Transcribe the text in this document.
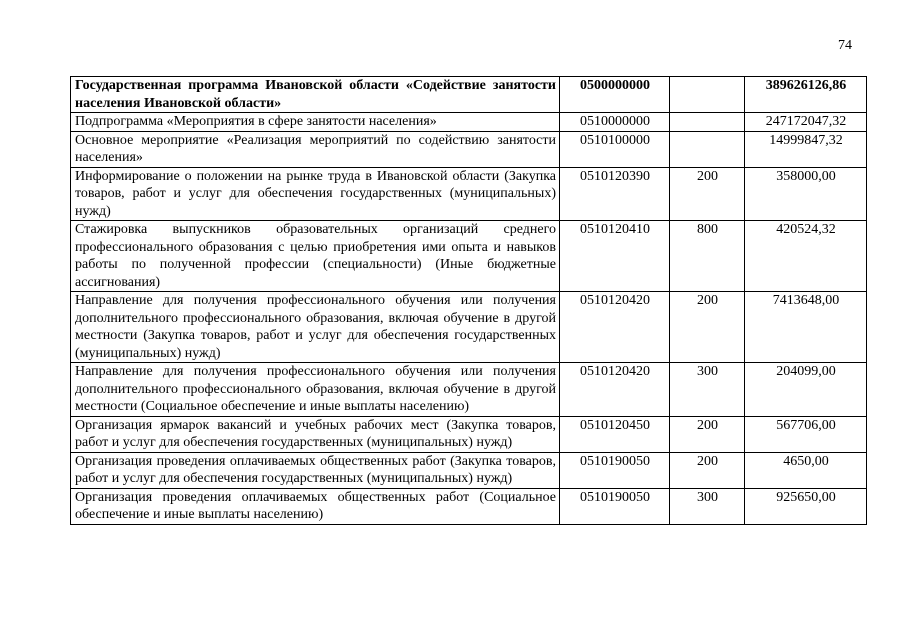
74
Государственная программа Ивановской области «Содействие занятости населения Ивановской области»	0500000000		389626126,86
Подпрограмма «Мероприятия в сфере занятости населения»	0510000000		247172047,32
Основное мероприятие «Реализация мероприятий по содействию занятости населения»	0510100000		14999847,32
Информирование о положении на рынке труда в Ивановской области (Закупка товаров, работ и услуг для обеспечения государственных (муниципальных) нужд)	0510120390	200	358000,00
Стажировка выпускников образовательных организаций среднего профессионального образования с целью приобретения ими опыта и навыков работы по полученной профессии (специальности) (Иные бюджетные ассигнования)	0510120410	800	420524,32
Направление для получения профессионального обучения или получения дополнительного профессионального образования, включая обучение в другой местности (Закупка товаров, работ и услуг для обеспечения государственных (муниципальных) нужд)	0510120420	200	7413648,00
Направление для получения профессионального обучения или получения дополнительного профессионального образования, включая обучение в другой местности (Социальное обеспечение и иные выплаты населению)	0510120420	300	204099,00
Организация ярмарок вакансий и учебных рабочих мест (Закупка товаров, работ и услуг для обеспечения государственных (муниципальных) нужд)	0510120450	200	567706,00
Организация проведения оплачиваемых общественных работ (Закупка товаров, работ и услуг для обеспечения государственных (муниципальных) нужд)	0510190050	200	4650,00
Организация проведения оплачиваемых общественных работ (Социальное обеспечение и иные выплаты населению)	0510190050	300	925650,00
